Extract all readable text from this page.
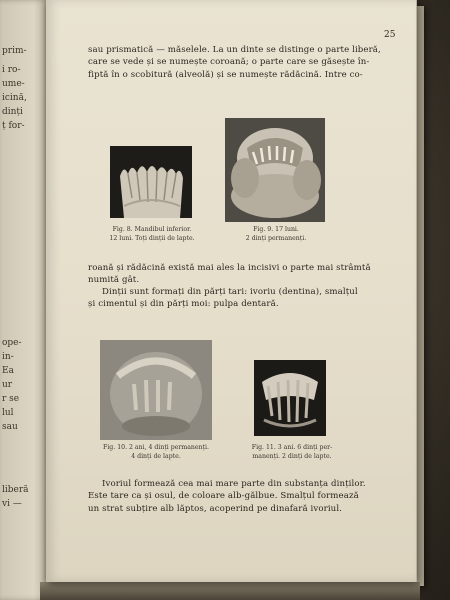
prim-
i ro-
ume-
icină,
dinți
ț for-
ope-
in-
Ea
ur
r se
lul
sau
liberă
vi —
25
sau prismatică — măselele. La un dinte se distinge o parte liberă,
care se vede și se numește coroană; o parte care se găsește în-
fiptă în o scobitură (alveolă) și se numește rădăcină. Intre co-
Fig. 8. Mandibul inferior.
12 luni. Toți dinții de lapte.
Fig. 9. 17 luni.
2 dinți permanenți.
roană și rădăcină există mai ales la incisivi o parte mai strâmtă
numită gât.
Dinții sunt formați din părți tari: ivoriu (dentina), smalțul
și cimentul și din părți moi: pulpa dentară.
Fig. 10. 2 ani, 4 dinți permanenți.
4 dinți de lapte.
Fig. 11. 3 ani. 6 dinți per-
manenți. 2 dinți de lapte.
Ivoriul formează cea mai mare parte din substanța dinților.
Este tare ca și osul, de coloare alb-gălbue. Smalțul formează
un strat subțire alb lăptos, acoperind pe dinafară ivoriul.
